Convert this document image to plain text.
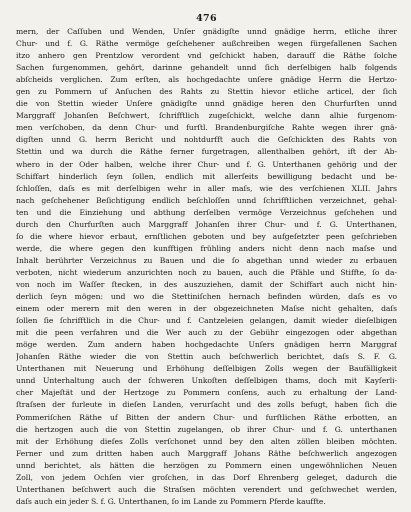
476
mern, der Caſſuben und Wenden, Unſer gnädigſte unnd gnädige herrn, etliche ihrer
Chur- und f. G. Räthe vermöge geſchehener außchreiben wegen fürgefallenen Sachen
itzo anhero gen Prentzlow verordent vnd geſchickt haben, darauff die Räthe ſolche
Sachen furgenommen, gehört, darinne gehandelt unnd ſich derſelbigen halb folgends
abſcheids verglichen. Zum erſten, als hochgedachte unſere gnädige Herrn die Hertzo-
gen zu Pommern uf Anſuchen des Rahts zu Stettin hievor etliche articel, der ſich
die von Stettin wieder Unſere gnädigſte unnd gnädige heren den Churfurſten unnd
Marggraff Johanſen Beſchwert, ſchrifftlich zugeſchickt, welche dann alhie furgenom-
men verſchoben, da denn Chur- und furſtl. Brandenburgiſche Rahte wegen ihrer gnä-
digſten unnd G. herrn Bericht und nohtdurfft auch die Geſchickten des Rahts von
Stettin und wa durch die Räthe ferner furgetragen, allenthalben gehört, ift der Ab-
whero in der Oder halben, welche ihrer Chur- und f. G. Unterthanen gehörig und der
Schiffart hinderlich ſeyn ſollen, endlich mit allerſeits bewilligung bedacht und be-
ſchloſſen, daſs es mit derſelbigen wehr in aller maſs, wie des verſchienen XLII. Jahrs
nach geſchehener Beſichtigung endlich beſchloſſen unnd ſchrifftlichen verzeichnet, gehal-
ten und die Einziehung und abthung derſelben vermöge Verzeichnus geſchehen und
durch den Churfurſten auch Marggraff Johanſen ihrer Chur- und f. G. Unterthanen,
ſo die where hievor erbaut, ernſtlichen geboten und bey aufgeſetzter peen geſchrieben
werde, die where gegen den kunfftigen frühling anders nicht denn nach maſse und
Inhalt berührter Verzeichnus zu Bauen und die ſo abgethan unnd wieder zu erbauen
verboten, nicht wiederum anzurichten noch zu bauen, auch die Pfähle und Stiffte, ſo da-
von noch im Waſſer ſtecken, in des auszuziehen, damit der Schiffart auch nicht hin-
derlich ſeyn mögen: und wo die Stettiniſchen hernach befinden würden, daſs es vo
einem oder merern mit den weren in der obgezeichneten Maſse nicht gehalten, daſs
ſollen ſie ſchrifftlich in die Chur- und f. Cantzeleien gelangen, damit wieder dieſelbigen
mit die peen verfahren und die Wer auch zu der Gebühr eingezogen oder abgethan
möge werden. Zum andern haben hochgedachte Unſers gnädigen herrn Marggraf
Johanſen Räthe wieder die von Stettin auch beſchwerlich berichtet, daſs S. F. G.
Unterthanen mit Neuerung und Erhöhung deſſelbigen Zolls wegen der Baufälligkeit
unnd Unterhaltung auch der ſchweren Unkoſten deſſelbigen thams, doch mit Kayſerli-
cher Majeſtät und der Hertzoge zu Pommern conſens, auch zu erhaltung der Land-
ſtraſsen der furleute in dieſen Landen, verurſacht und des zolls befugt, haben ſich die
Pommeriſchen Räthe uf Bitten der andern Chur- und furſtlichen Räthe erbotten, an
die hertzogen auch die von Stettin zugelangen, ob ihrer Chur- und f. G. unterthanen
mit der Erhöhung dieſes Zolls verſchonet unnd bey den alten zöllen bleiben möchten.
Ferner und zum dritten haben auch Marggraff Johans Räthe beſchwerlich angezogen
unnd berichtet, als hätten die herzögen zu Pommern einen ungewöhnlichen Neuen
Zoll, von jedem Ochſen vier groſchen, in das Dorf Ehrenberg geleget, dadurch die
Unterthanen beſchwert auch die Straſsen möchten verendert und geſchwechet werden,
daſs auch ein jeder S. f. G. Unterthanen, ſo im Lande zu Pommern Pferde kauffte.
